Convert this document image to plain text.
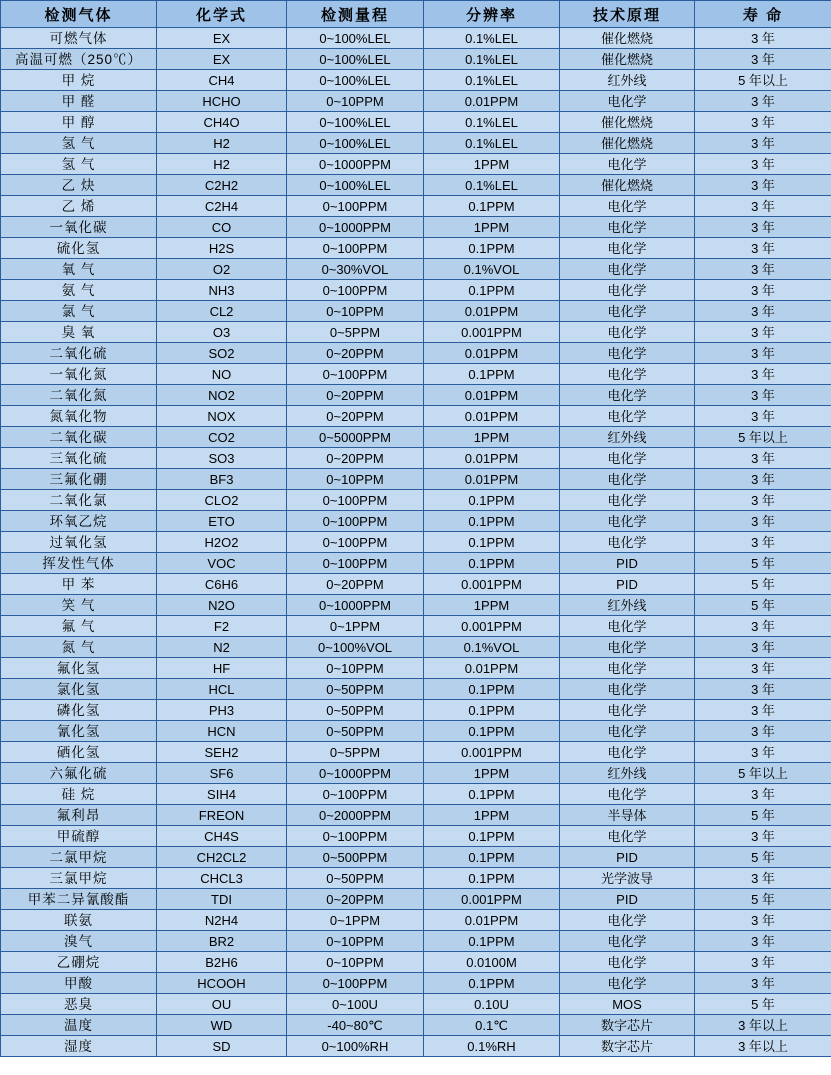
检测气体	化学式	检测量程	分辨率	技术原理	寿 命
可燃气体	EX	0~100%LEL	0.1%LEL	催化燃烧	3 年
高温可燃（250℃）	EX	0~100%LEL	0.1%LEL	催化燃烧	3 年
甲 烷	CH4	0~100%LEL	0.1%LEL	红外线	5 年以上
甲 醛	HCHO	0~10PPM	0.01PPM	电化学	3 年
甲 醇	CH4O	0~100%LEL	0.1%LEL	催化燃烧	3 年
氢 气	H2	0~100%LEL	0.1%LEL	催化燃烧	3 年
氢 气	H2	0~1000PPM	1PPM	电化学	3 年
乙 炔	C2H2	0~100%LEL	0.1%LEL	催化燃烧	3 年
乙 烯	C2H4	0~100PPM	0.1PPM	电化学	3 年
一氧化碳	CO	0~1000PPM	1PPM	电化学	3 年
硫化氢	H2S	0~100PPM	0.1PPM	电化学	3 年
氧 气	O2	0~30%VOL	0.1%VOL	电化学	3 年
氨 气	NH3	0~100PPM	0.1PPM	电化学	3 年
氯 气	CL2	0~10PPM	0.01PPM	电化学	3 年
臭 氧	O3	0~5PPM	0.001PPM	电化学	3 年
二氧化硫	SO2	0~20PPM	0.01PPM	电化学	3 年
一氧化氮	NO	0~100PPM	0.1PPM	电化学	3 年
二氧化氮	NO2	0~20PPM	0.01PPM	电化学	3 年
氮氧化物	NOX	0~20PPM	0.01PPM	电化学	3 年
二氧化碳	CO2	0~5000PPM	1PPM	红外线	5 年以上
三氧化硫	SO3	0~20PPM	0.01PPM	电化学	3 年
三氟化硼	BF3	0~10PPM	0.01PPM	电化学	3 年
二氧化氯	CLO2	0~100PPM	0.1PPM	电化学	3 年
环氧乙烷	ETO	0~100PPM	0.1PPM	电化学	3 年
过氧化氢	H2O2	0~100PPM	0.1PPM	电化学	3 年
挥发性气体	VOC	0~100PPM	0.1PPM	PID	5 年
甲 苯	C6H6	0~20PPM	0.001PPM	PID	5 年
笑 气	N2O	0~1000PPM	1PPM	红外线	5 年
氟 气	F2	0~1PPM	0.001PPM	电化学	3 年
氮 气	N2	0~100%VOL	0.1%VOL	电化学	3 年
氟化氢	HF	0~10PPM	0.01PPM	电化学	3 年
氯化氢	HCL	0~50PPM	0.1PPM	电化学	3 年
磷化氢	PH3	0~50PPM	0.1PPM	电化学	3 年
氰化氢	HCN	0~50PPM	0.1PPM	电化学	3 年
硒化氢	SEH2	0~5PPM	0.001PPM	电化学	3 年
六氟化硫	SF6	0~1000PPM	1PPM	红外线	5 年以上
硅 烷	SIH4	0~100PPM	0.1PPM	电化学	3 年
氟利昂	FREON	0~2000PPM	1PPM	半导体	5 年
甲硫醇	CH4S	0~100PPM	0.1PPM	电化学	3 年
二氯甲烷	CH2CL2	0~500PPM	0.1PPM	PID	5 年
三氯甲烷	CHCL3	0~50PPM	0.1PPM	光学波导	3 年
甲苯二异氰酸酯	TDI	0~20PPM	0.001PPM	PID	5 年
联氨	N2H4	0~1PPM	0.01PPM	电化学	3 年
溴气	BR2	0~10PPM	0.1PPM	电化学	3 年
乙硼烷	B2H6	0~10PPM	0.0100M	电化学	3 年
甲酸	HCOOH	0~100PPM	0.1PPM	电化学	3 年
恶臭	OU	0~100U	0.10U	MOS	5 年
温度	WD	-40~80℃	0.1℃	数字芯片	3 年以上
湿度	SD	0~100%RH	0.1%RH	数字芯片	3 年以上
